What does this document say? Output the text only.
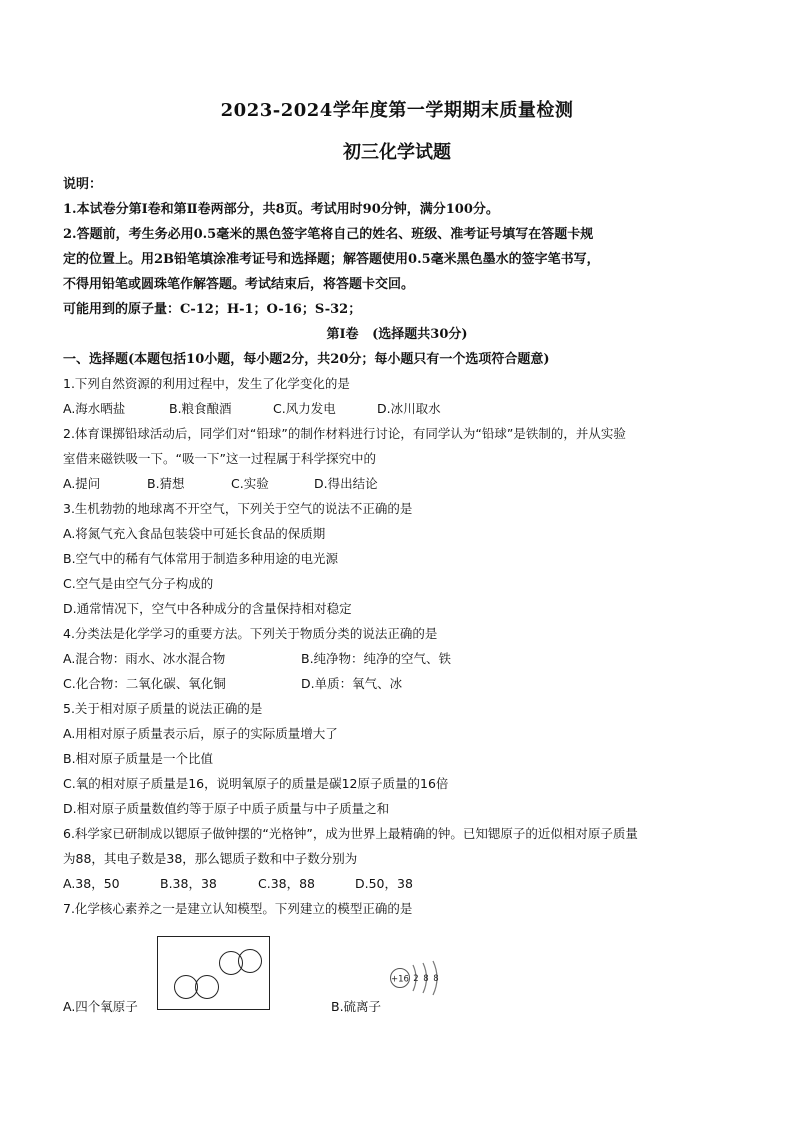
2023-2024学年度第一学期期末质量检测
初三化学试题
说明：
1.本试卷分第Ⅰ卷和第Ⅱ卷两部分，共8页。考试用时90分钟，满分100分。
2.答题前，考生务必用0.5毫米的黑色签字笔将自己的姓名、班级、准考证号填写在答题卡规
定的位置上。用2B铅笔填涂准考证号和选择题；解答题使用0.5毫米黑色墨水的签字笔书写，
不得用铅笔或圆珠笔作解答题。考试结束后，将答题卡交回。
可能用到的原子量：C-12；H-1；O-16；S-32；
第Ⅰ卷   (选择题共30分)
一、选择题(本题包括10小题，每小题2分，共20分；每小题只有一个选项符合题意)
1.下列自然资源的利用过程中，发生了化学变化的是
A.海水晒盐	B.粮食酿酒	C.风力发电	D.冰川取水
2.体育课掷铅球活动后，同学们对“铅球”的制作材料进行讨论，有同学认为“铅球”是铁制的，并从实验
室借来磁铁吸一下。“吸一下”这一过程属于科学探究中的
A.提问	B.猜想	C.实验	D.得出结论
3.生机勃勃的地球离不开空气，下列关于空气的说法不正确的是
A.将氮气充入食品包装袋中可延长食品的保质期
B.空气中的稀有气体常用于制造多种用途的电光源
C.空气是由空气分子构成的
D.通常情况下，空气中各种成分的含量保持相对稳定
4.分类法是化学学习的重要方法。下列关于物质分类的说法正确的是
A.混合物：雨水、冰水混合物	B.纯净物：纯净的空气、铁
C.化合物：二氧化碳、氧化铜	D.单质：氧气、冰
5.关于相对原子质量的说法正确的是
A.用相对原子质量表示后，原子的实际质量增大了
B.相对原子质量是一个比值
C.氧的相对原子质量是16，说明氧原子的质量是碳12原子质量的16倍
D.相对原子质量数值约等于原子中质子质量与中子质量之和
6.科学家已研制成以锶原子做钟摆的“光格钟”，成为世界上最精确的钟。已知锶原子的近似相对原子质量
为88，其电子数是38，那么锶质子数和中子数分别为
A.38，50	B.38，38	C.38，88	D.50，38
7.化学核心素养之一是建立认知模型。下列建立的模型正确的是
+16 2 8 8
A.四个氧原子	B.硫离子
